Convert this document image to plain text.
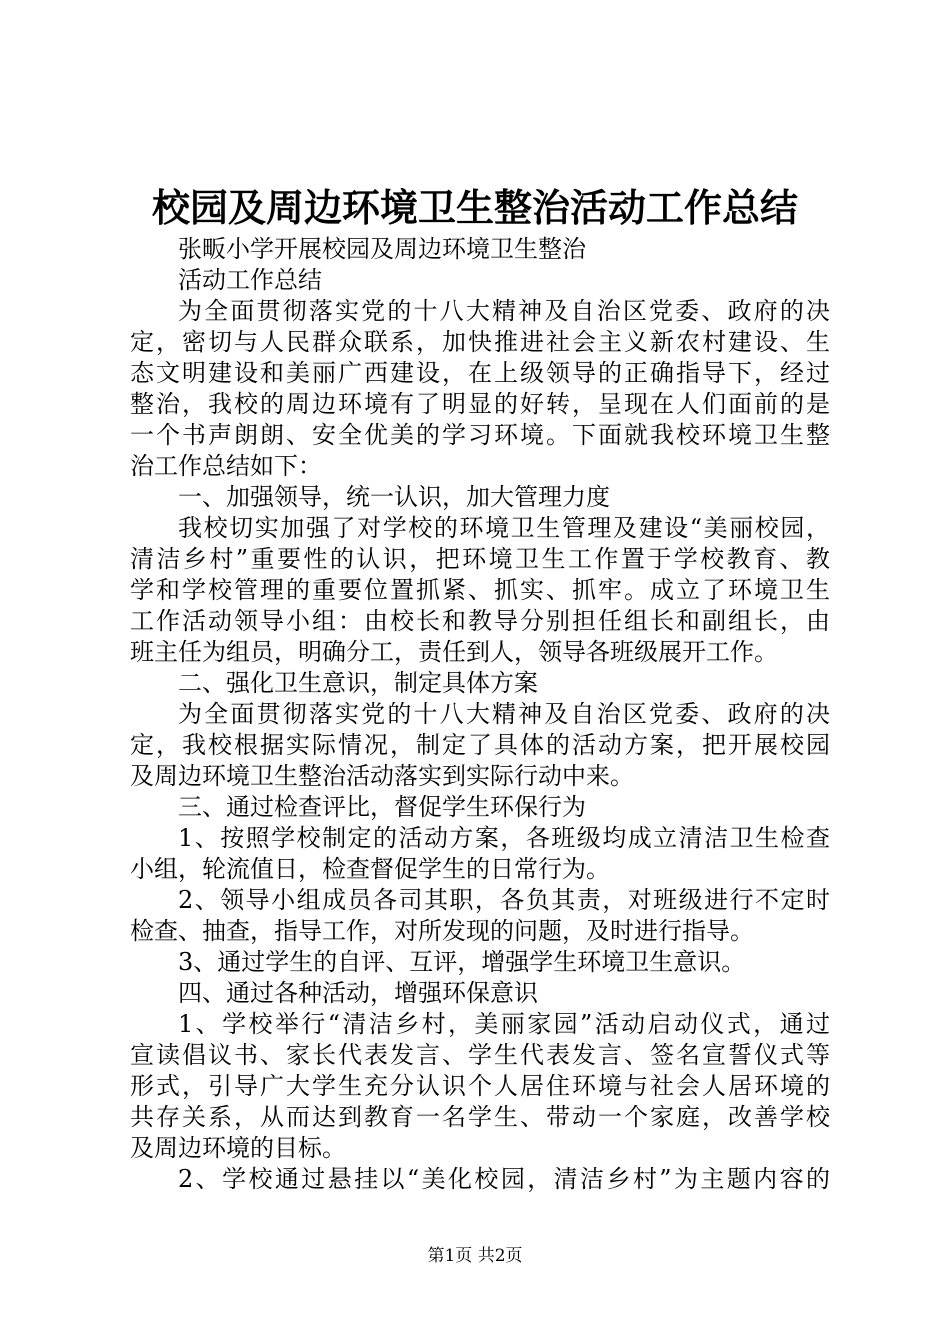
校园及周边环境卫生整治活动工作总结
张畈小学开展校园及周边环境卫生整治
活动工作总结
为全面贯彻落实党的十八大精神及自治区党委、政府的决
定，密切与人民群众联系，加快推进社会主义新农村建设、生
态文明建设和美丽广西建设，在上级领导的正确指导下，经过
整治，我校的周边环境有了明显的好转，呈现在人们面前的是
一个书声朗朗、安全优美的学习环境。下面就我校环境卫生整
治工作总结如下：
一、加强领导，统一认识，加大管理力度
我校切实加强了对学校的环境卫生管理及建设“美丽校园，
清洁乡村”重要性的认识，把环境卫生工作置于学校教育、教
学和学校管理的重要位置抓紧、抓实、抓牢。成立了环境卫生
工作活动领导小组：由校长和教导分别担任组长和副组长，由
班主任为组员，明确分工，责任到人，领导各班级展开工作。
二、强化卫生意识，制定具体方案
为全面贯彻落实党的十八大精神及自治区党委、政府的决
定，我校根据实际情况，制定了具体的活动方案，把开展校园
及周边环境卫生整治活动落实到实际行动中来。
三、通过检查评比，督促学生环保行为
1、按照学校制定的活动方案，各班级均成立清洁卫生检查
小组，轮流值日，检查督促学生的日常行为。
2、领导小组成员各司其职，各负其责，对班级进行不定时
检查、抽查，指导工作，对所发现的问题，及时进行指导。
3、通过学生的自评、互评，增强学生环境卫生意识。
四、通过各种活动，增强环保意识
1、学校举行“清洁乡村，美丽家园”活动启动仪式，通过
宣读倡议书、家长代表发言、学生代表发言、签名宣誓仪式等
形式，引导广大学生充分认识个人居住环境与社会人居环境的
共存关系，从而达到教育一名学生、带动一个家庭，改善学校
及周边环境的目标。
2、学校通过悬挂以“美化校园，清洁乡村”为主题内容的
第1页 共2页
